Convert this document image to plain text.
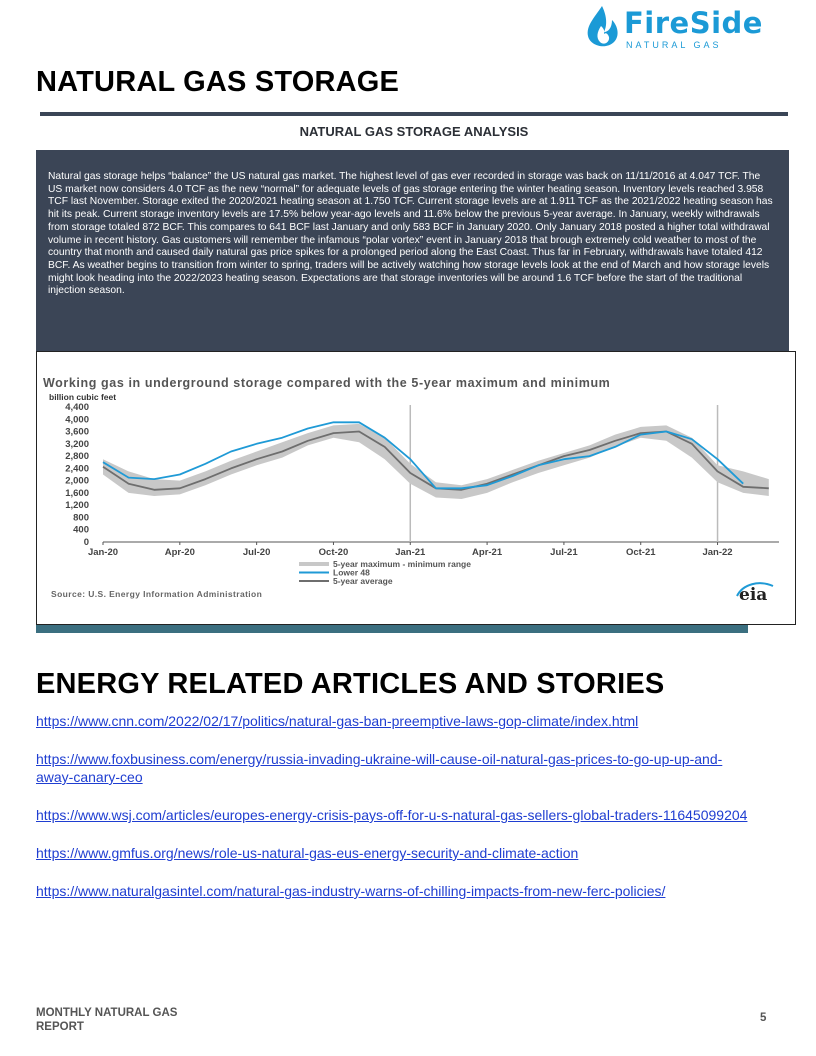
FireSide
NATURAL GAS
NATURAL GAS STORAGE
NATURAL GAS STORAGE ANALYSIS

Natural gas storage helps “balance” the US natural gas market. The highest level of gas ever recorded in storage was back on 11/11/2016 at 4.047 TCF. The US market now considers 4.0 TCF as the new “normal” for adequate levels of gas storage entering the winter heating season. Inventory levels reached 3.958 TCF last November. Storage exited the 2020/2021 heating season at 1.750 TCF. Current storage levels are at 1.911 TCF as the 2021/2022 heating season has hit its peak. Current storage inventory levels are 17.5% below year-ago levels and 11.6% below the previous 5-year average. In January, weekly withdrawals from storage totaled 872 BCF. This compares to 641 BCF last January and only 583 BCF in January 2020. Only January 2018 posted a higher total withdrawal volume in recent history. Gas customers will remember the infamous “polar vortex” event in January 2018 that brough extremely cold weather to most of the country that month and caused daily natural gas price spikes for a prolonged period along the East Coast. Thus far in February, withdrawals have totaled 412 BCF. As weather begins to transition from winter to spring, traders will be actively watching how storage levels look at the end of March and how storage levels might look heading into the 2022/2023 heating season. Expectations are that storage inventories will be around 1.6 TCF before the start of the traditional injection season.

Working gas in underground storage compared with the 5-year maximum and minimum
billion cubic feet
4,400
4,000
3,600
3,200
2,800
2,400
2,000
1,600
1,200
800
400
0
Jan-20	Apr-20	Jul-20	Oct-20	Jan-21	Apr-21	Jul-21	Oct-21	Jan-22
5-year maximum - minimum range
Lower 48
5-year average
Source: U.S. Energy Information Administration	eia
ENERGY RELATED ARTICLES AND STORIES
https://www.cnn.com/2022/02/17/politics/natural-gas-ban-preemptive-laws-gop-climate/index.html
https://www.foxbusiness.com/energy/russia-invading-ukraine-will-cause-oil-natural-gas-prices-to-go-up-up-and-away-canary-ceo
https://www.wsj.com/articles/europes-energy-crisis-pays-off-for-u-s-natural-gas-sellers-global-traders-11645099204
https://www.gmfus.org/news/role-us-natural-gas-eus-energy-security-and-climate-action
https://www.naturalgasintel.com/natural-gas-industry-warns-of-chilling-impacts-from-new-ferc-policies/
MONTHLY NATURAL GAS REPORT
5
